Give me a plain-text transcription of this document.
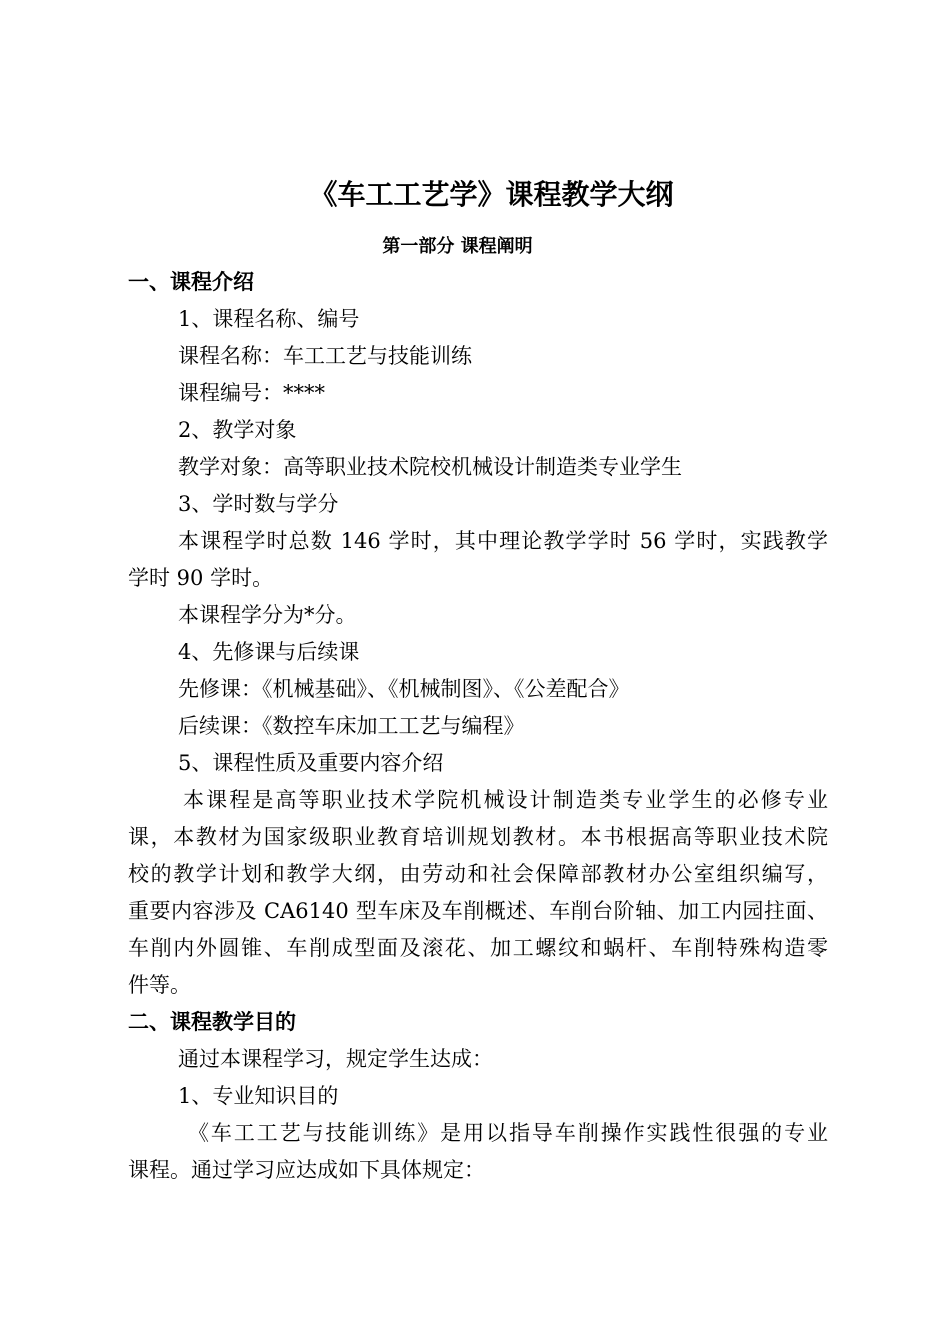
《车工工艺学》课程教学大纲
第一部分 课程阐明
一、课程介绍
1、课程名称、编号
课程名称：车工工艺与技能训练
课程编号：****
2、教学对象
教学对象：高等职业技术院校机械设计制造类专业学生
3、学时数与学分
本课程学时总数 146 学时，其中理论教学学时 56 学时，实践教学
学时 90 学时。
本课程学分为*分。
4、先修课与后续课
先修课：《机械基础》、《机械制图》、《公差配合》
后续课：《数控车床加工工艺与编程》
5、课程性质及重要内容介绍
本课程是高等职业技术学院机械设计制造类专业学生的必修专业
课，本教材为国家级职业教育培训规划教材。本书根据高等职业技术院
校的教学计划和教学大纲，由劳动和社会保障部教材办公室组织编写，
重要内容涉及 CA6140 型车床及车削概述、车削台阶轴、加工内园拄面、
车削内外圆锥、车削成型面及滚花、加工螺纹和蜗杆、车削特殊构造零
件等。
二、课程教学目的
通过本课程学习，规定学生达成：
1、专业知识目的
《车工工艺与技能训练》是用以指导车削操作实践性很强的专业
课程。通过学习应达成如下具体规定：
